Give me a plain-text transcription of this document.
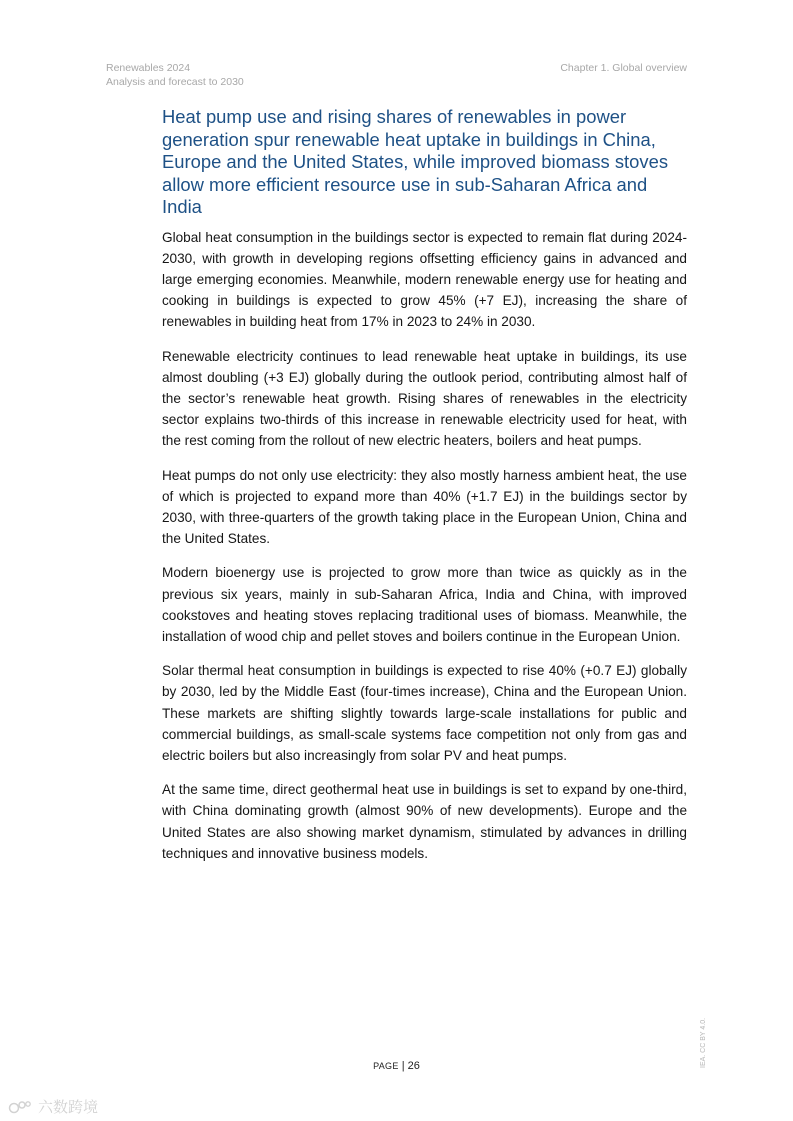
Renewables 2024
Analysis and forecast to 2030
Chapter 1. Global overview
Heat pump use and rising shares of renewables in power generation spur renewable heat uptake in buildings in China, Europe and the United States, while improved biomass stoves allow more efficient resource use in sub-Saharan Africa and India

Global heat consumption in the buildings sector is expected to remain flat during 2024-2030, with growth in developing regions offsetting efficiency gains in advanced and large emerging economies. Meanwhile, modern renewable energy use for heating and cooking in buildings is expected to grow 45% (+7 EJ), increasing the share of renewables in building heat from 17% in 2023 to 24% in 2030.

Renewable electricity continues to lead renewable heat uptake in buildings, its use almost doubling (+3 EJ) globally during the outlook period, contributing almost half of the sector’s renewable heat growth. Rising shares of renewables in the electricity sector explains two-thirds of this increase in renewable electricity used for heat, with the rest coming from the rollout of new electric heaters, boilers and heat pumps.

Heat pumps do not only use electricity: they also mostly harness ambient heat, the use of which is projected to expand more than 40% (+1.7 EJ) in the buildings sector by 2030, with three-quarters of the growth taking place in the European Union, China and the United States.

Modern bioenergy use is projected to grow more than twice as quickly as in the previous six years, mainly in sub-Saharan Africa, India and China, with improved cookstoves and heating stoves replacing traditional uses of biomass. Meanwhile, the installation of wood chip and pellet stoves and boilers continue in the European Union.

Solar thermal heat consumption in buildings is expected to rise 40% (+0.7 EJ) globally by 2030, led by the Middle East (four-times increase), China and the European Union. These markets are shifting slightly towards large-scale installations for public and commercial buildings, as small-scale systems face competition not only from gas and electric boilers but also increasingly from solar PV and heat pumps.

At the same time, direct geothermal heat use in buildings is set to expand by one-third, with China dominating growth (almost 90% of new developments). Europe and the United States are also showing market dynamism, stimulated by advances in drilling techniques and innovative business models.

PAGE | 26	IEA. CC BY 4.0.
六数跨境
